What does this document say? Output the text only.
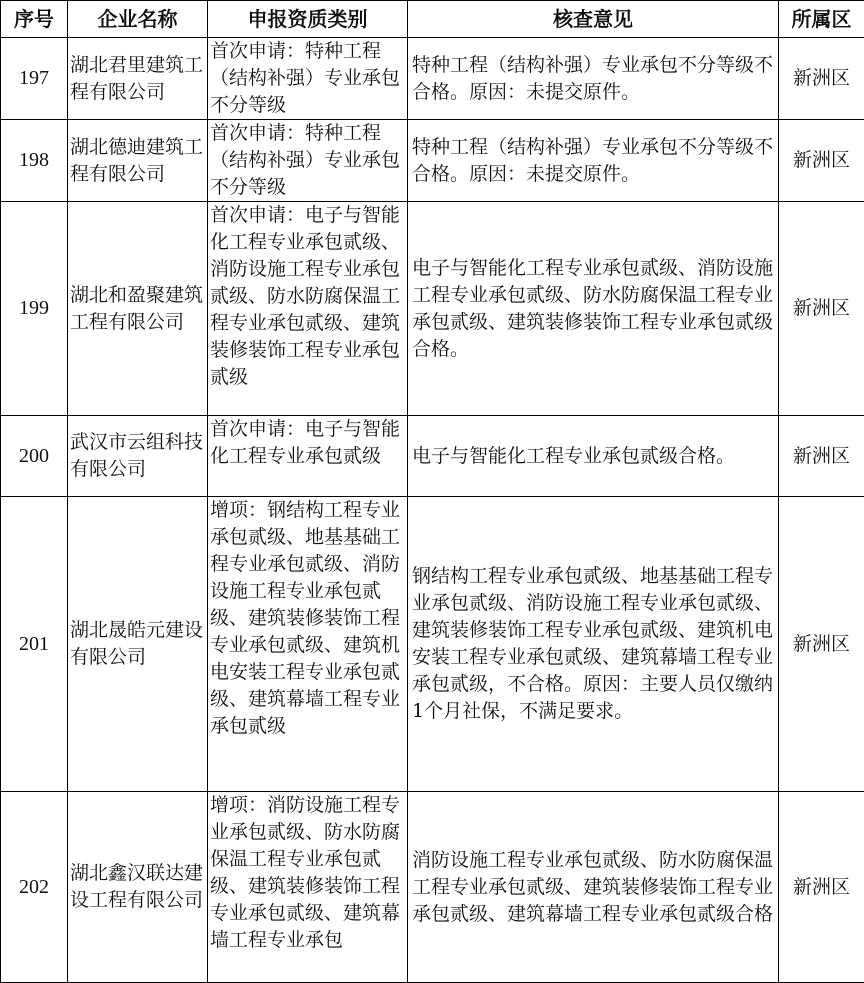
序号	企业名称	申报资质类别	核查意见	所属区
197	湖北君里建筑工程有限公司	首次申请：特种工程（结构补强）专业承包不分等级	特种工程（结构补强）专业承包不分等级不合格。原因：未提交原件。	新洲区
198	湖北德迪建筑工程有限公司	首次申请：特种工程（结构补强）专业承包不分等级	特种工程（结构补强）专业承包不分等级不合格。原因：未提交原件。	新洲区
199	湖北和盈聚建筑工程有限公司	首次申请：电子与智能化工程专业承包贰级、消防设施工程专业承包贰级、防水防腐保温工程专业承包贰级、建筑装修装饰工程专业承包贰级	电子与智能化工程专业承包贰级、消防设施工程专业承包贰级、防水防腐保温工程专业承包贰级、建筑装修装饰工程专业承包贰级合格。	新洲区
200	武汉市云组科技有限公司	首次申请：电子与智能化工程专业承包贰级	电子与智能化工程专业承包贰级合格。	新洲区
201	湖北晟皓元建设有限公司	增项：钢结构工程专业承包贰级、地基基础工程专业承包贰级、消防设施工程专业承包贰级、建筑装修装饰工程专业承包贰级、建筑机电安装工程专业承包贰级、建筑幕墙工程专业承包贰级	钢结构工程专业承包贰级、地基基础工程专业承包贰级、消防设施工程专业承包贰级、建筑装修装饰工程专业承包贰级、建筑机电安装工程专业承包贰级、建筑幕墙工程专业承包贰级，不合格。原因：主要人员仅缴纳1个月社保，不满足要求。	新洲区
202	湖北鑫汉联达建设工程有限公司	增项：消防设施工程专业承包贰级、防水防腐保温工程专业承包贰级、建筑装修装饰工程专业承包贰级、建筑幕墙工程专业承包	消防设施工程专业承包贰级、防水防腐保温工程专业承包贰级、建筑装修装饰工程专业承包贰级、建筑幕墙工程专业承包贰级合格	新洲区
